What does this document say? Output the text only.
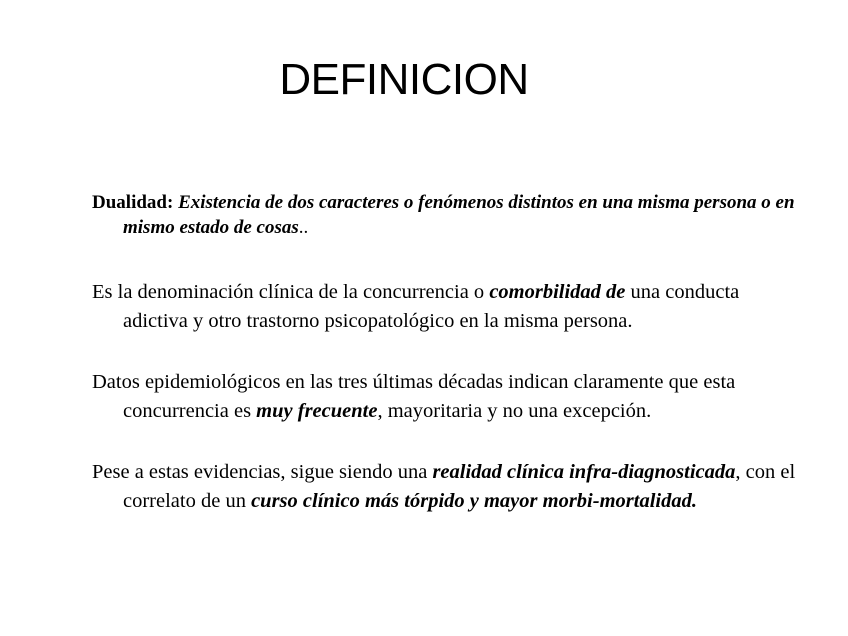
DEFINICION

Dualidad: Existencia de dos caracteres o fenómenos distintos en una misma persona o en mismo estado de cosas..

Es la denominación clínica de la concurrencia o comorbilidad de una conducta adictiva y otro trastorno psicopatológico en la misma persona.

Datos epidemiológicos en las tres últimas décadas indican claramente que esta concurrencia es muy frecuente, mayoritaria y no una excepción.

Pese a estas evidencias, sigue siendo una realidad clínica infra-diagnosticada, con el correlato de un curso clínico más tórpido y mayor morbi-mortalidad.
